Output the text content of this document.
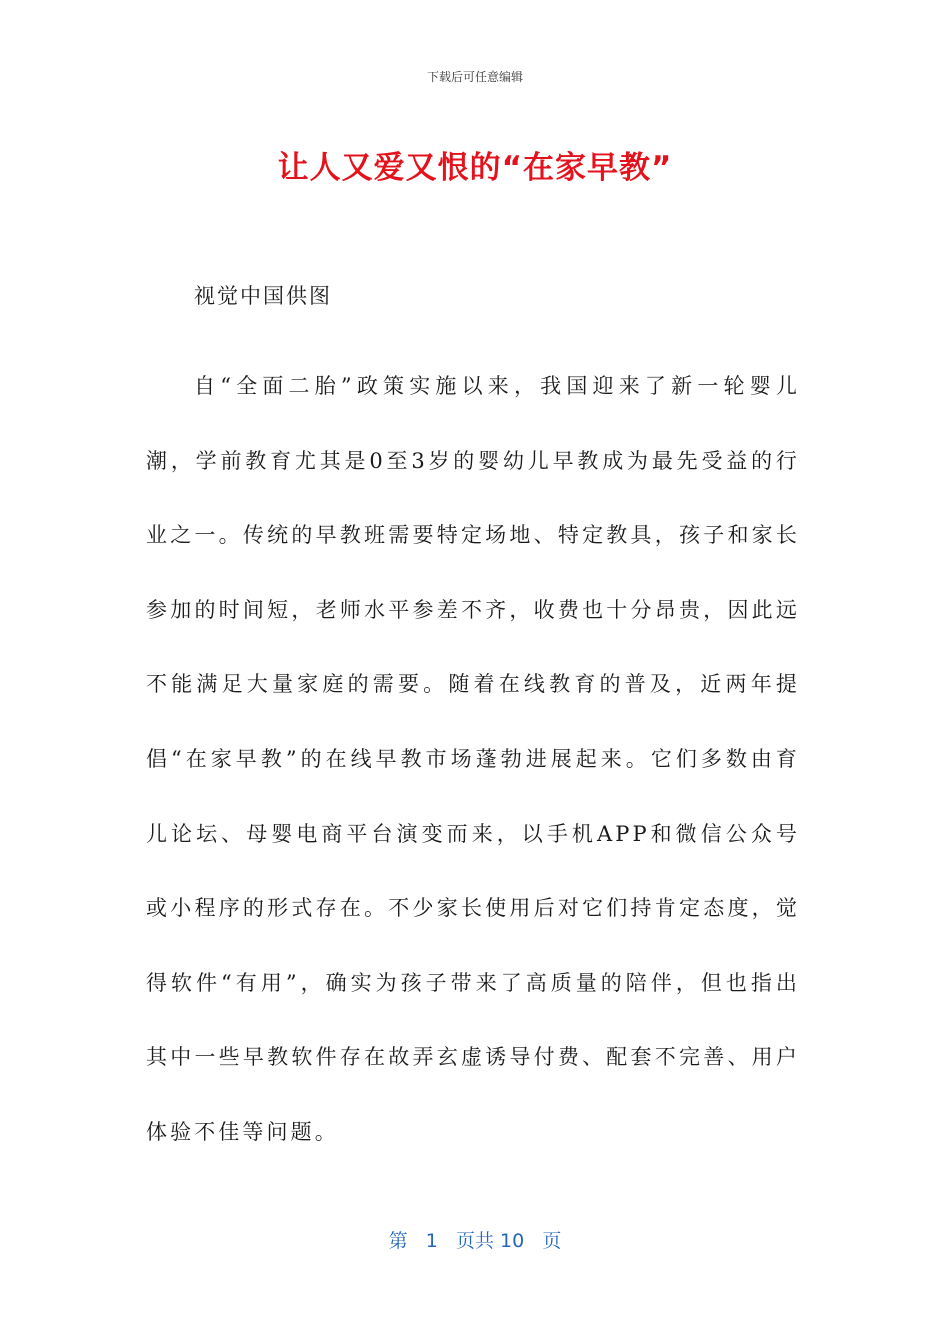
下载后可任意编辑
让人又爱又恨的“在家早教”
视觉中国供图

自“全面二胎”政策实施以来，我国迎来了新一轮婴儿潮，学前教育尤其是0至3岁的婴幼儿早教成为最先受益的行业之一。传统的早教班需要特定场地、特定教具，孩子和家长参加的时间短，老师水平参差不齐，收费也十分昂贵，因此远不能满足大量家庭的需要。随着在线教育的普及，近两年提倡“在家早教”的在线早教市场蓬勃进展起来。它们多数由育儿论坛、母婴电商平台演变而来，以手机APP和微信公众号或小程序的形式存在。不少家长使用后对它们持肯定态度，觉得软件“有用”，确实为孩子带来了高质量的陪伴，但也指出其中一些早教软件存在故弄玄虚诱导付费、配套不完善、用户体验不佳等问题。

第 1 页共 10 页
